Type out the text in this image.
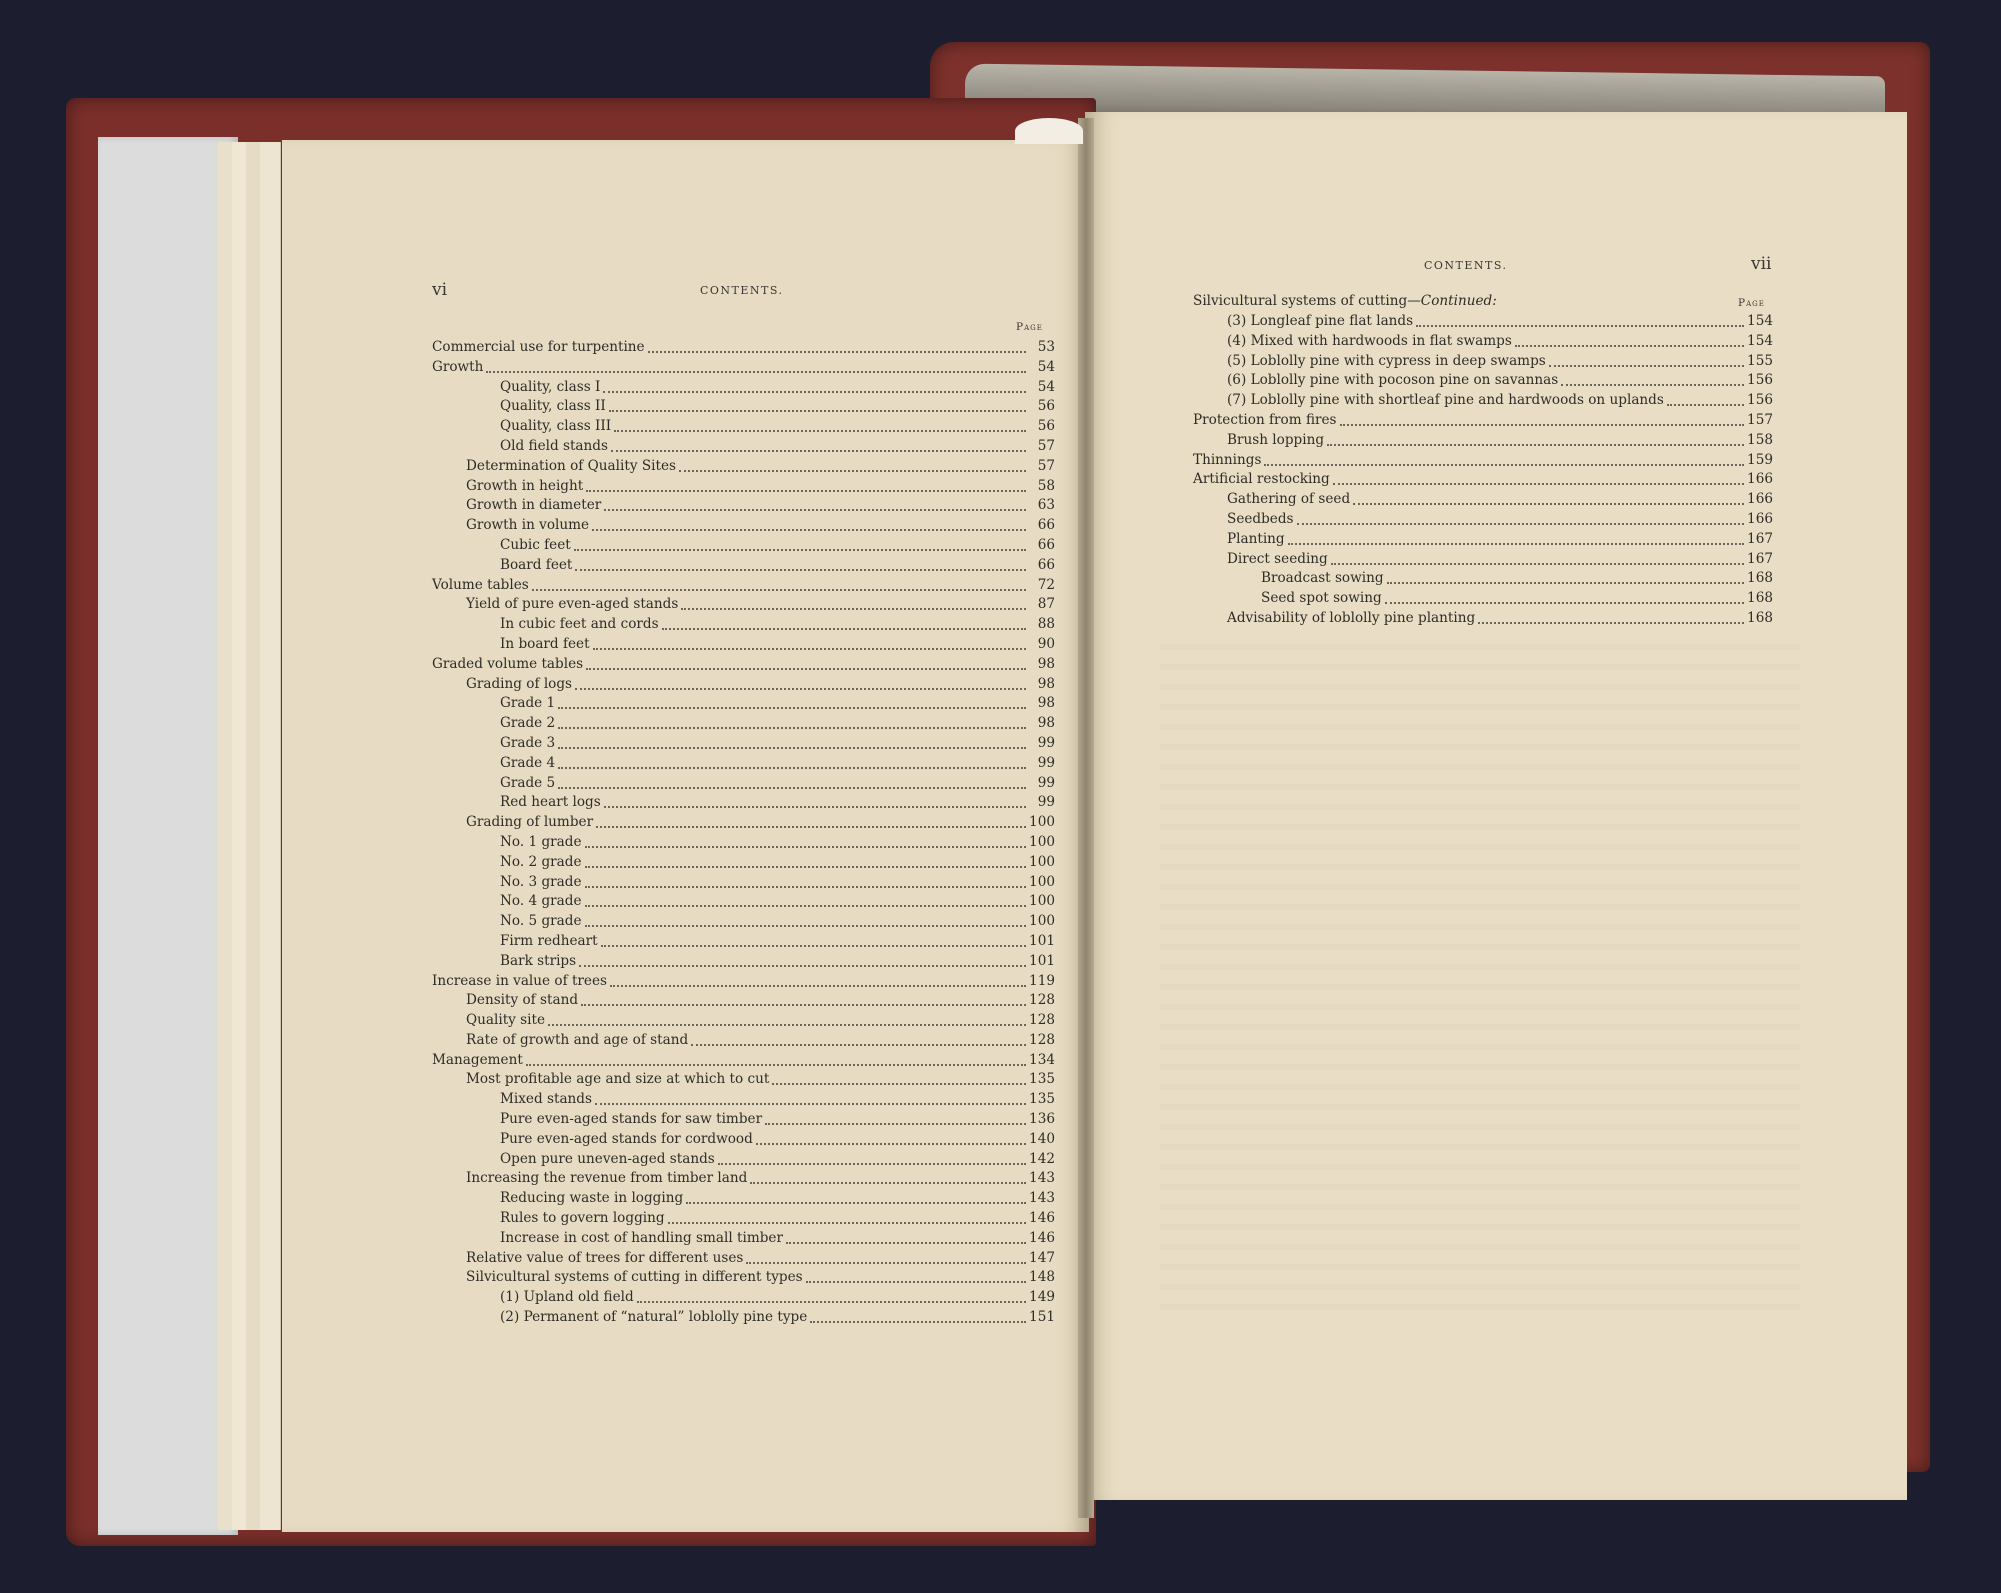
vi	CONTENTS.
Page
Commercial use for turpentine	53
Growth	54
Quality, class I	54
Quality, class II	56
Quality, class III	56
Old field stands	57
Determination of Quality Sites	57
Growth in height	58
Growth in diameter	63
Growth in volume	66
Cubic feet	66
Board feet	66
Volume tables	72
Yield of pure even-aged stands	87
In cubic feet and cords	88
In board feet	90
Graded volume tables	98
Grading of logs	98
Grade 1	98
Grade 2	98
Grade 3	99
Grade 4	99
Grade 5	99
Red heart logs	99
Grading of lumber	100
No. 1 grade	100
No. 2 grade	100
No. 3 grade	100
No. 4 grade	100
No. 5 grade	100
Firm redheart	101
Bark strips	101
Increase in value of trees	119
Density of stand	128
Quality site	128
Rate of growth and age of stand	128
Management	134
Most profitable age and size at which to cut	135
Mixed stands	135
Pure even-aged stands for saw timber	136
Pure even-aged stands for cordwood	140
Open pure uneven-aged stands	142
Increasing the revenue from timber land	143
Reducing waste in logging	143
Rules to govern logging	146
Increase in cost of handling small timber	146
Relative value of trees for different uses	147
Silvicultural systems of cutting in different types	148
(1) Upland old field	149
(2) Permanent of “natural” loblolly pine type	151
CONTENTS.	vii
Silvicultural systems of cutting—Continued:	Page
(3) Longleaf pine flat lands	154
(4) Mixed with hardwoods in flat swamps	154
(5) Loblolly pine with cypress in deep swamps	155
(6) Loblolly pine with pocoson pine on savannas	156
(7) Loblolly pine with shortleaf pine and hardwoods on uplands	156
Protection from fires	157
Brush lopping	158
Thinnings	159
Artificial restocking	166
Gathering of seed	166
Seedbeds	166
Planting	167
Direct seeding	167
Broadcast sowing	168
Seed spot sowing	168
Advisability of loblolly pine planting	168
